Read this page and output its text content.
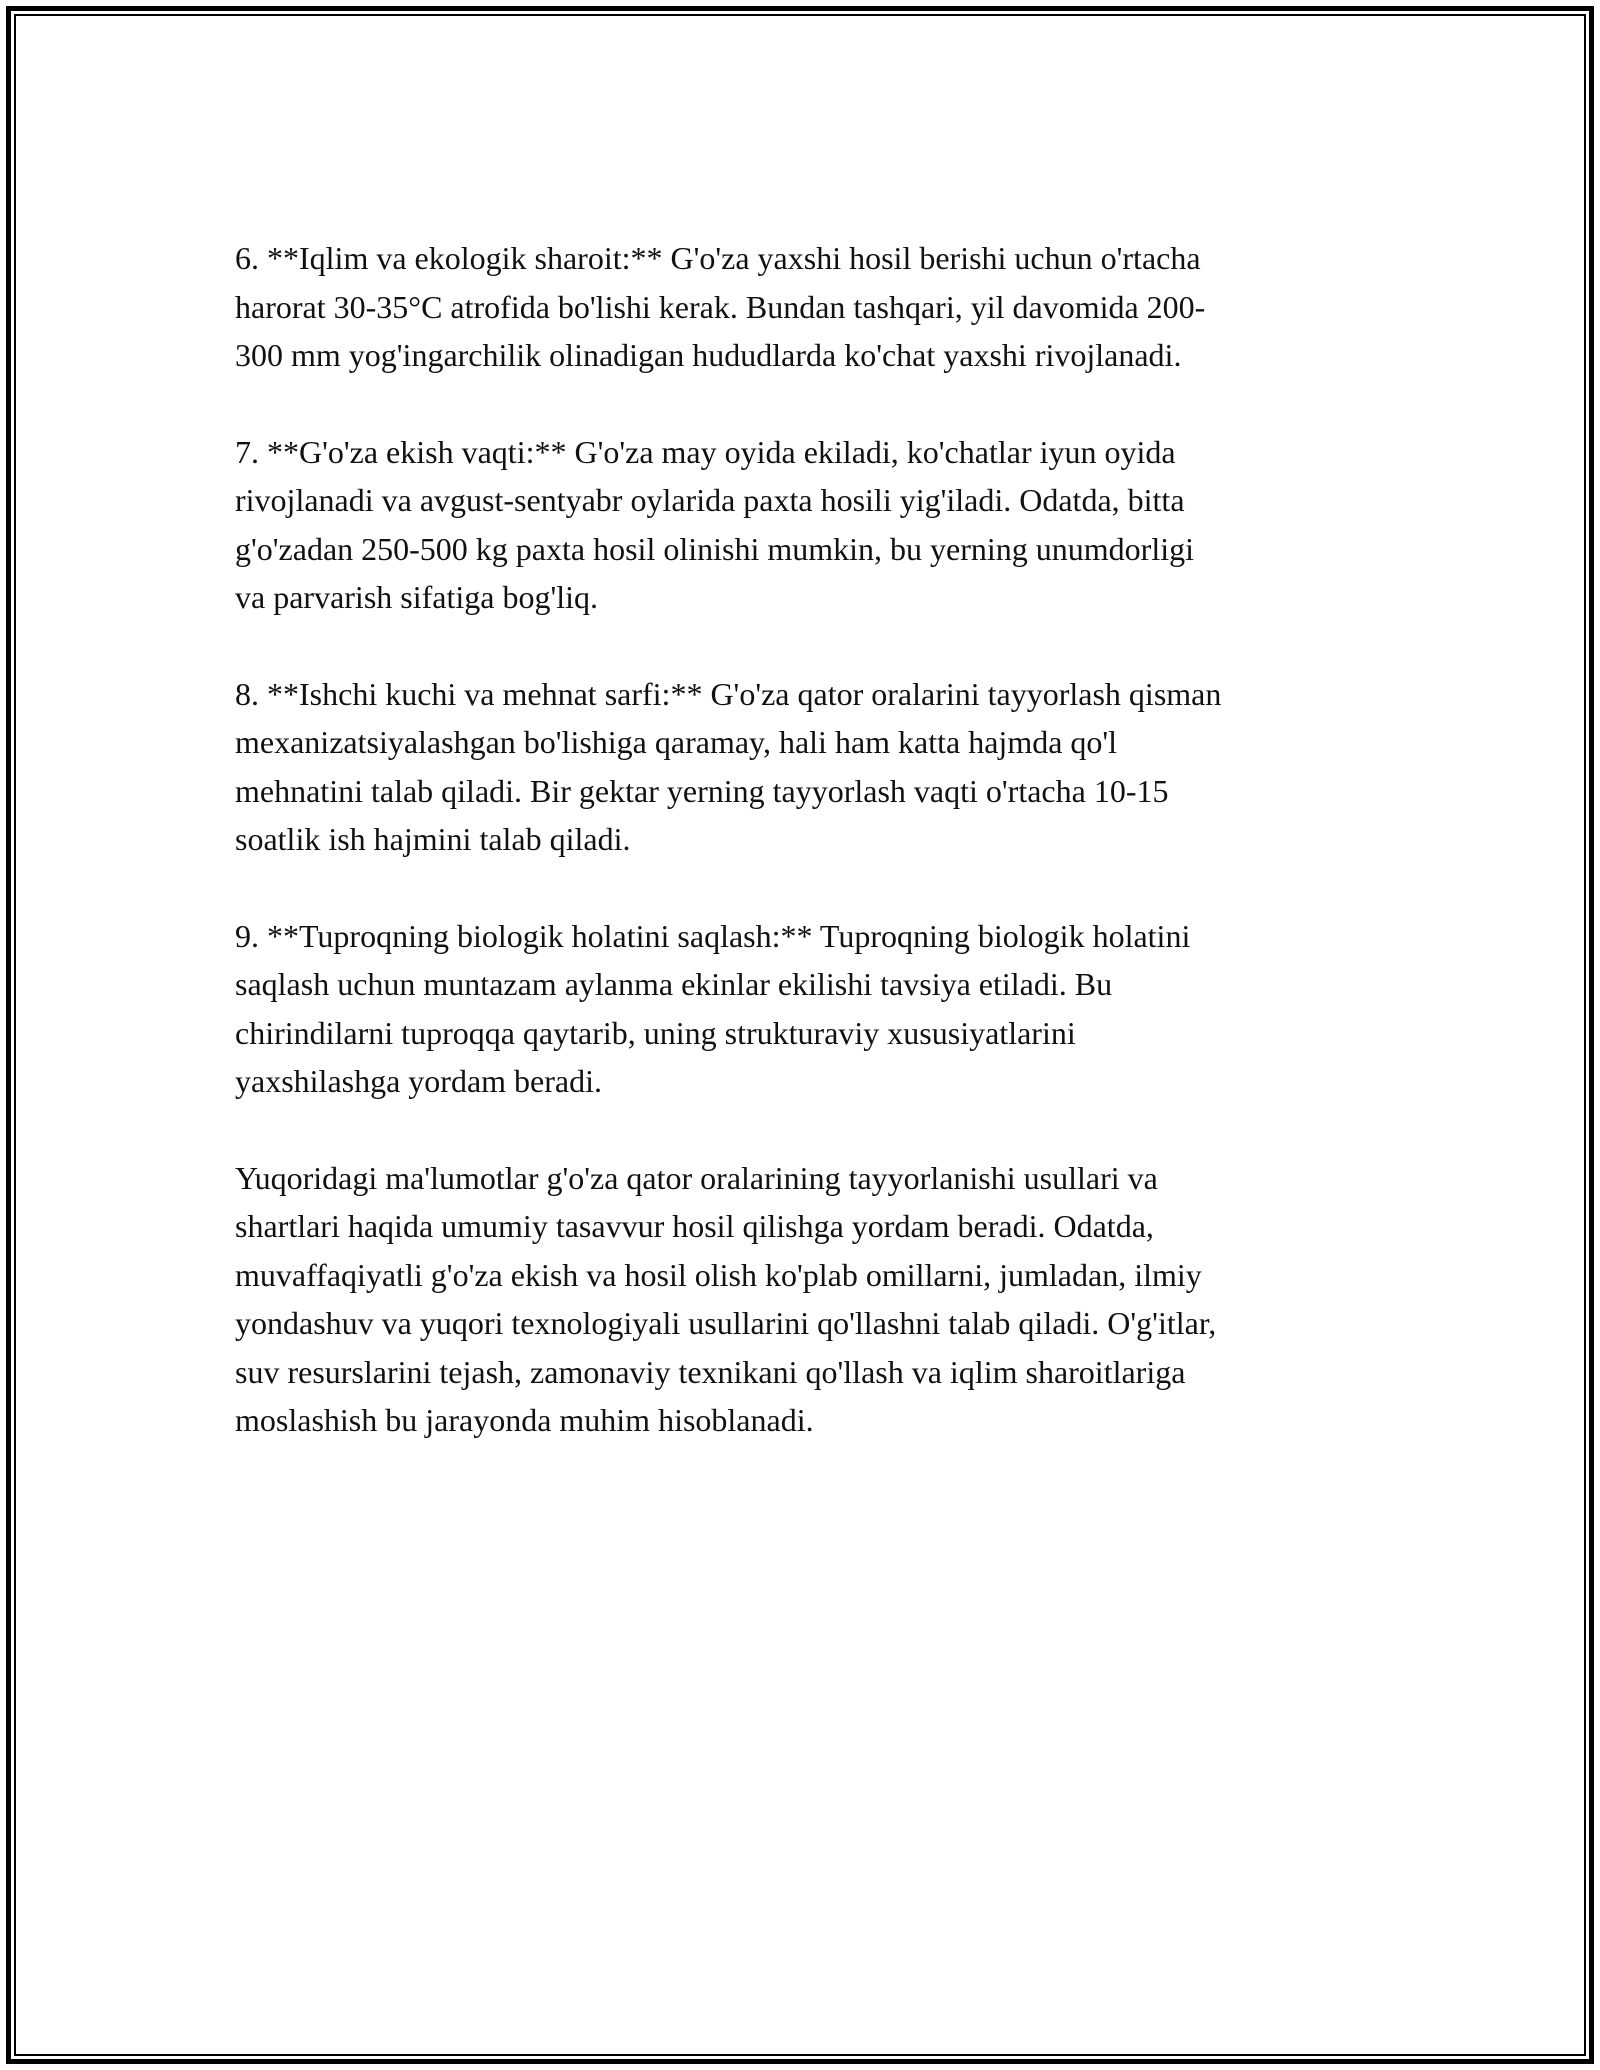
6. **Iqlim va ekologik sharoit:** G'o'za yaxshi hosil berishi uchun o'rtacha
harorat 30-35°C atrofida bo'lishi kerak. Bundan tashqari, yil davomida 200-
300 mm yog'ingarchilik olinadigan hududlarda ko'chat yaxshi rivojlanadi.

7. **G'o'za ekish vaqti:** G'o'za may oyida ekiladi, ko'chatlar iyun oyida
rivojlanadi va avgust-sentyabr oylarida paxta hosili yig'iladi. Odatda, bitta
g'o'zadan 250-500 kg paxta hosil olinishi mumkin, bu yerning unumdorligi
va parvarish sifatiga bog'liq.

8. **Ishchi kuchi va mehnat sarfi:** G'o'za qator oralarini tayyorlash qisman
mexanizatsiyalashgan bo'lishiga qaramay, hali ham katta hajmda qo'l
mehnatini talab qiladi. Bir gektar yerning tayyorlash vaqti o'rtacha 10-15
soatlik ish hajmini talab qiladi.

9. **Tuproqning biologik holatini saqlash:** Tuproqning biologik holatini
saqlash uchun muntazam aylanma ekinlar ekilishi tavsiya etiladi. Bu
chirindilarni tuproqqa qaytarib, uning strukturaviy xususiyatlarini
yaxshilashga yordam beradi.

Yuqoridagi ma'lumotlar g'o'za qator oralarining tayyorlanishi usullari va
shartlari haqida umumiy tasavvur hosil qilishga yordam beradi. Odatda,
muvaffaqiyatli g'o'za ekish va hosil olish ko'plab omillarni, jumladan, ilmiy
yondashuv va yuqori texnologiyali usullarini qo'llashni talab qiladi. O'g'itlar,
suv resurslarini tejash, zamonaviy texnikani qo'llash va iqlim sharoitlariga
moslashish bu jarayonda muhim hisoblanadi.
